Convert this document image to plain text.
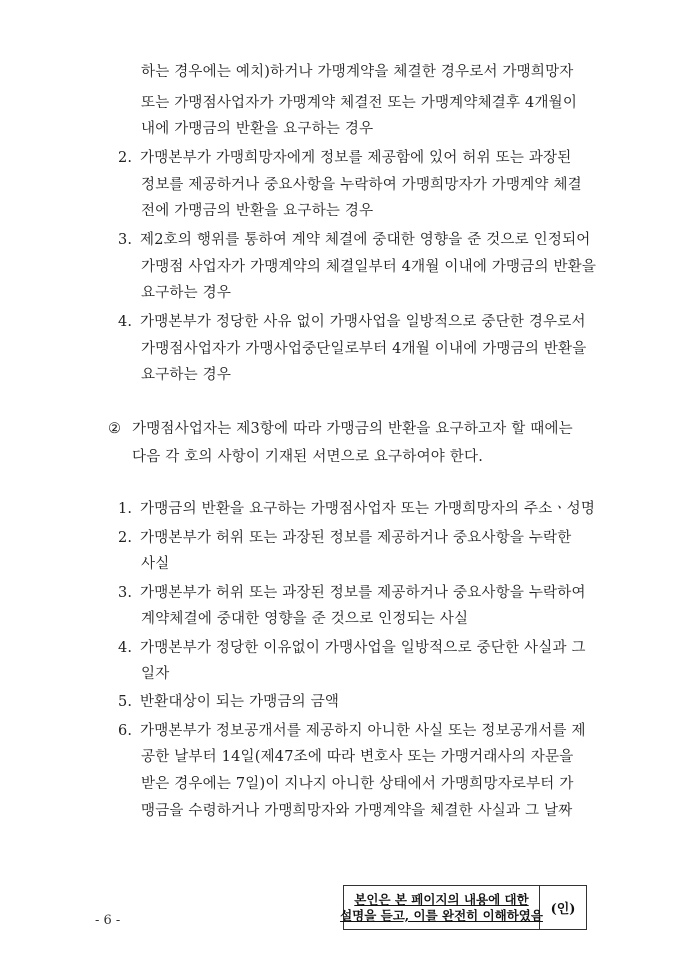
하는 경우에는 예치)하거나 가맹계약을 체결한 경우로서 가맹희망자
또는 가맹점사업자가 가맹계약 체결전 또는 가맹계약체결후 4개월이
내에 가맹금의 반환을 요구하는 경우
2. 가맹본부가 가맹희망자에게 정보를 제공함에 있어 허위 또는 과장된
정보를 제공하거나 중요사항을 누락하여 가맹희망자가 가맹계약 체결
전에 가맹금의 반환을 요구하는 경우
3. 제2호의 행위를 통하여 계약 체결에 중대한 영향을 준 것으로 인정되어
가맹점 사업자가 가맹계약의 체결일부터 4개월 이내에 가맹금의 반환을
요구하는 경우
4. 가맹본부가 정당한 사유 없이 가맹사업을 일방적으로 중단한 경우로서
가맹점사업자가 가맹사업중단일로부터 4개월 이내에 가맹금의 반환을
요구하는 경우
② 가맹점사업자는 제3항에 따라 가맹금의 반환을 요구하고자 할 때에는
다음 각 호의 사항이 기재된 서면으로 요구하여야 한다.
1. 가맹금의 반환을 요구하는 가맹점사업자 또는 가맹희망자의 주소ㆍ성명
2. 가맹본부가 허위 또는 과장된 정보를 제공하거나 중요사항을 누락한
사실
3. 가맹본부가 허위 또는 과장된 정보를 제공하거나 중요사항을 누락하여
계약체결에 중대한 영향을 준 것으로 인정되는 사실
4. 가맹본부가 정당한 이유없이 가맹사업을 일방적으로 중단한 사실과 그
일자
5. 반환대상이 되는 가맹금의 금액
6. 가맹본부가 정보공개서를 제공하지 아니한 사실 또는 정보공개서를 제
공한 날부터 14일(제47조에 따라 변호사 또는 가맹거래사의 자문을
받은 경우에는 7일)이 지나지 아니한 상태에서 가맹희망자로부터 가
맹금을 수령하거나 가맹희망자와 가맹계약을 체결한 사실과 그 날짜
- 6 -
본인은 본 페이지의 내용에 대한
설명을 듣고, 이를 완전히 이해하였음 (인)
